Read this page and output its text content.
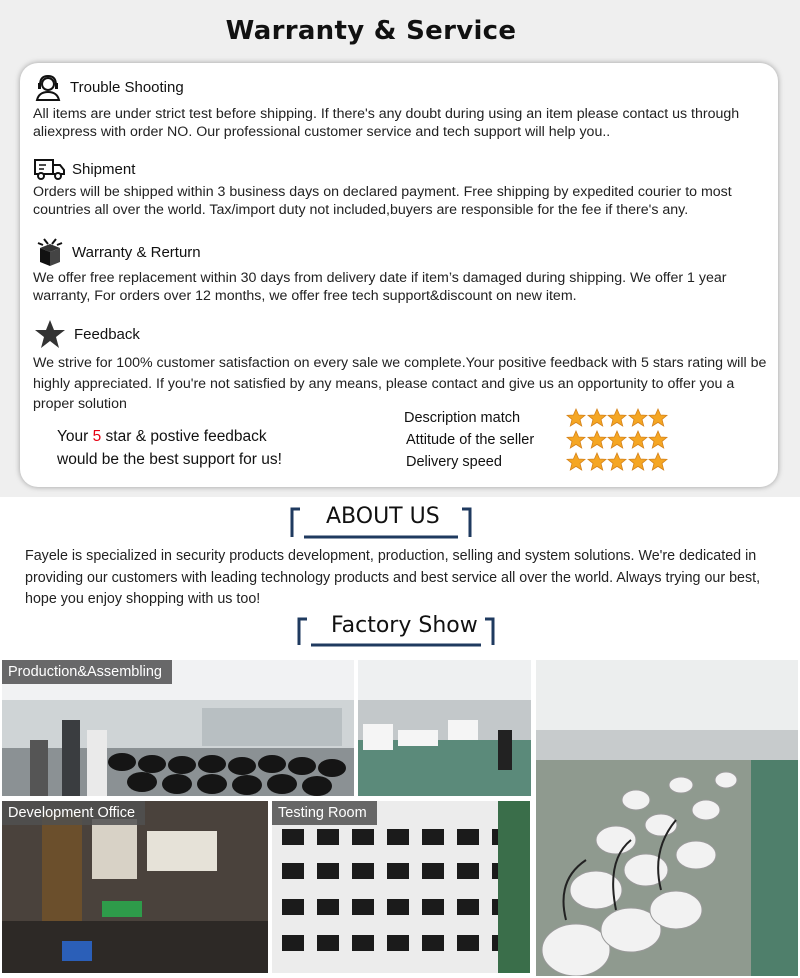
Warranty & Service
Trouble Shooting
All items are under strict test before shipping. If there's any doubt during using an item please contact us through aliexpress with order NO. Our professional customer service and tech support will help you..
Shipment
Orders will be shipped within 3 business days on declared payment. Free shipping by expedited courier to most countries all over the world. Tax/import duty not included,buyers are responsible for the fee if there's any.
Warranty & Rerturn
We offer free replacement within 30 days from delivery date if item’s damaged during shipping. We offer 1 year warranty, For orders over 12 months, we offer free tech support&discount on new item.
Feedback
We strive for 100% customer satisfaction on every sale we complete.Your positive feedback with 5 stars rating will be highly appreciated. If you're not satisfied by any means, please contact and give us an opportunity to offer you a proper solution
Your 5 star & postive feedback
would be the best support for us!
Description match
Attitude of the seller
Delivery speed
ABOUT US
Fayele is specialized in security products development, production, selling and system solutions. We're dedicated in providing our customers with leading technology products and best service all over the world. Always trying our best, hope you enjoy shopping with us too!
Factory Show
Production&Assembling
Development Office	Testing Room
